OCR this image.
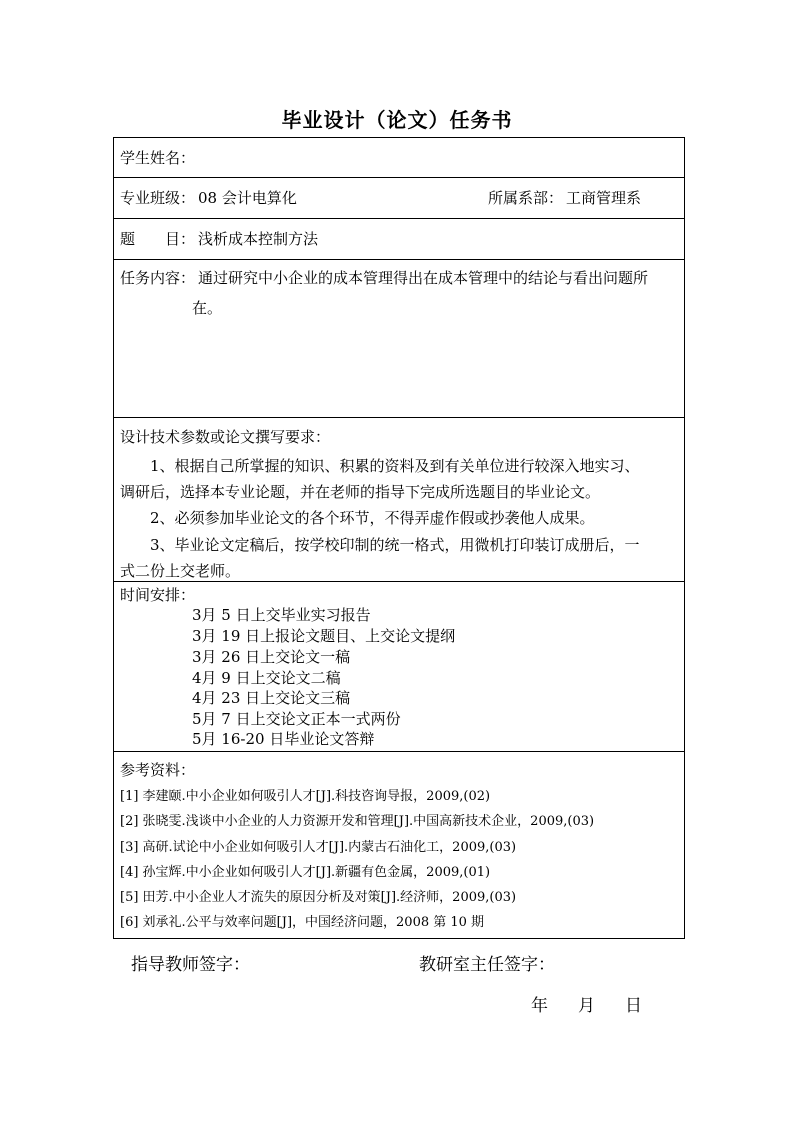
毕业设计（论文）任务书
学生姓名：
专业班级： 08 会计电算化	所属系部： 工商管理系
题　　目： 浅析成本控制方法
任务内容： 通过研究中小企业的成本管理得出在成本管理中的结论与看出问题所
在。
设计技术参数或论文撰写要求：
1、根据自己所掌握的知识、积累的资料及到有关单位进行较深入地实习、
调研后，选择本专业论题，并在老师的指导下完成所选题目的毕业论文。
2、必须参加毕业论文的各个环节，不得弄虚作假或抄袭他人成果。
3、毕业论文定稿后，按学校印制的统一格式，用微机打印装订成册后，一
式二份上交老师。
时间安排：
3月 5 日上交毕业实习报告
3月 19 日上报论文题目、上交论文提纲
3月 26 日上交论文一稿
4月 9 日上交论文二稿
4月 23 日上交论文三稿
5月 7 日上交论文正本一式两份
5月 16-20 日毕业论文答辩
参考资料：
[1] 李建颐.中小企业如何吸引人才[J].科技咨询导报，2009,(02)
[2] 张晓雯.浅谈中小企业的人力资源开发和管理[J].中国高新技术企业，2009,(03)
[3] 高研.试论中小企业如何吸引人才[J].内蒙古石油化工，2009,(03)
[4] 孙宝辉.中小企业如何吸引人才[J].新疆有色金属，2009,(01)
[5] 田芳.中小企业人才流失的原因分析及对策[J].经济师，2009,(03)
[6] 刘承礼.公平与效率问题[J]，中国经济问题，2008 第 10 期
指导教师签字：	教研室主任签字：
年 月 日
